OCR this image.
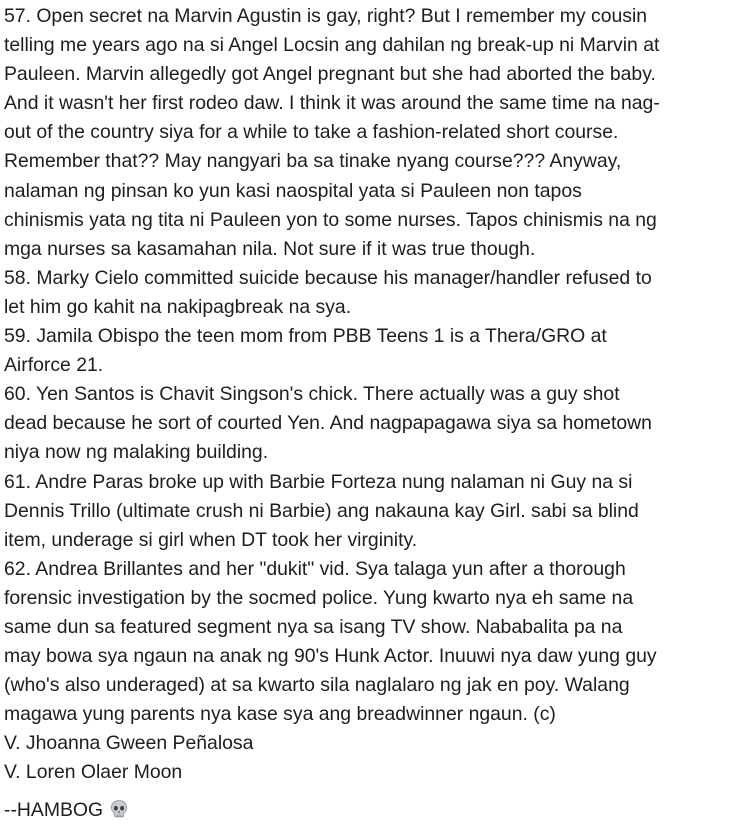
57. Open secret na Marvin Agustin is gay, right? But I remember my cousin
telling me years ago na si Angel Locsin ang dahilan ng break-up ni Marvin at
Pauleen. Marvin allegedly got Angel pregnant but she had aborted the baby.
And it wasn't her first rodeo daw. I think it was around the same time na nag-
out of the country siya for a while to take a fashion-related short course.
Remember that?? May nangyari ba sa tinake nyang course??? Anyway,
nalaman ng pinsan ko yun kasi naospital yata si Pauleen non tapos
chinismis yata ng tita ni Pauleen yon to some nurses. Tapos chinismis na ng
mga nurses sa kasamahan nila. Not sure if it was true though.
58. Marky Cielo committed suicide because his manager/handler refused to
let him go kahit na nakipagbreak na sya.
59. Jamila Obispo the teen mom from PBB Teens 1 is a Thera/GRO at
Airforce 21.
60. Yen Santos is Chavit Singson's chick. There actually was a guy shot
dead because he sort of courted Yen. And nagpapagawa siya sa hometown
niya now ng malaking building.
61. Andre Paras broke up with Barbie Forteza nung nalaman ni Guy na si
Dennis Trillo (ultimate crush ni Barbie) ang nakauna kay Girl. sabi sa blind
item, underage si girl when DT took her virginity.
62. Andrea Brillantes and her "dukit" vid. Sya talaga yun after a thorough
forensic investigation by the socmed police. Yung kwarto nya eh same na
same dun sa featured segment nya sa isang TV show. Nababalita pa na
may bowa sya ngaun na anak ng 90's Hunk Actor. Inuuwi nya daw yung guy
(who's also underaged) at sa kwarto sila naglalaro ng jak en poy. Walang
magawa yung parents nya kase sya ang breadwinner ngaun. (c)
V. Jhoanna Gween Peñalosa
V. Loren Olaer Moon
--HAMBOG
